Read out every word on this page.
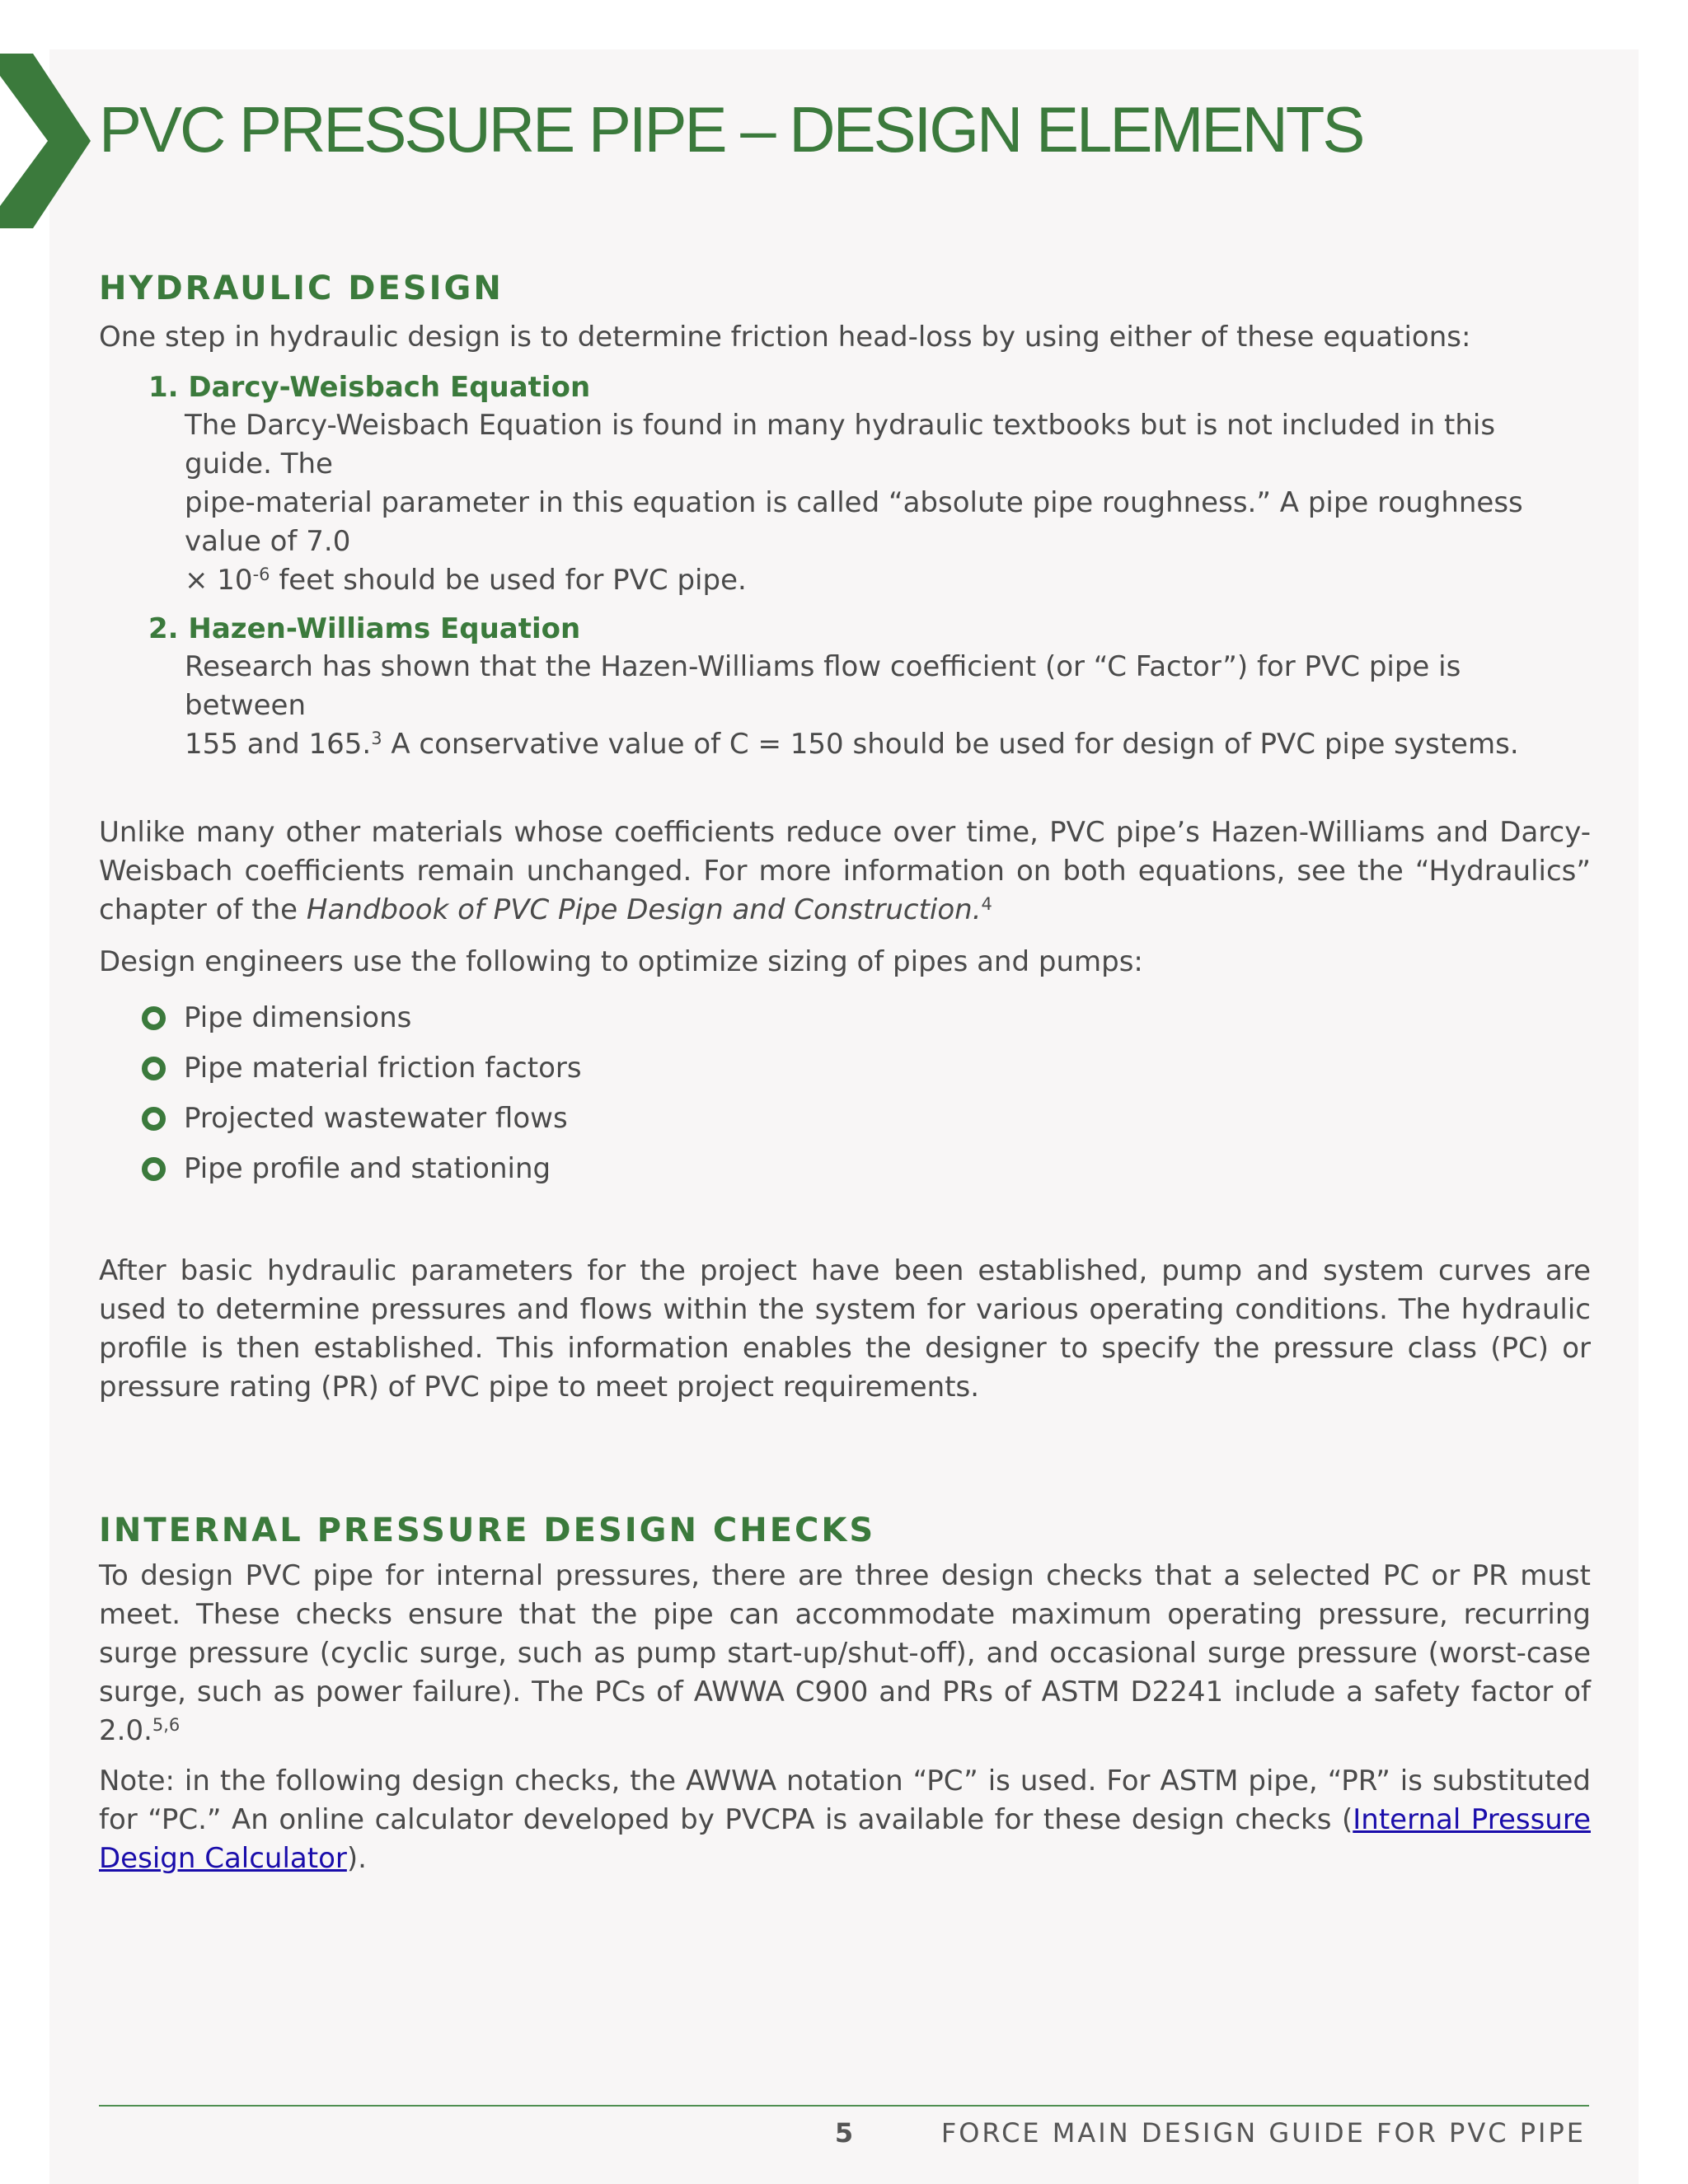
PVC PRESSURE PIPE – DESIGN ELEMENTS
HYDRAULIC DESIGN

One step in hydraulic design is to determine friction head-loss by using either of these equations:

1. Darcy-Weisbach Equation
The Darcy-Weisbach Equation is found in many hydraulic textbooks but is not included in this guide. The
pipe-material parameter in this equation is called “absolute pipe roughness.” A pipe roughness value of 7.0
× $10^{-6}$ feet should be used for PVC pipe.
2. Hazen-Williams Equation
Research has shown that the Hazen-Williams flow coefficient (or “C Factor”) for PVC pipe is between
155 and 165.$^3$ A conservative value of C = 150 should be used for design of PVC pipe systems.

Unlike many other materials whose coefficients reduce over time, PVC pipe’s Hazen-Williams and Darcy-Weisbach coefficients remain unchanged. For more information on both equations, see the “Hydraulics” chapter of the Handbook of PVC Pipe Design and Construction.$^4$

Design engineers use the following to optimize sizing of pipes and pumps:

Pipe dimensions
Pipe material friction factors
Projected wastewater flows
Pipe profile and stationing

After basic hydraulic parameters for the project have been established, pump and system curves are used to determine pressures and flows within the system for various operating conditions. The hydraulic profile is then established. This information enables the designer to specify the pressure class (PC) or pressure rating (PR) of PVC pipe to meet project requirements.

INTERNAL PRESSURE DESIGN CHECKS

To design PVC pipe for internal pressures, there are three design checks that a selected PC or PR must meet. These checks ensure that the pipe can accommodate maximum operating pressure, recurring surge pressure (cyclic surge, such as pump start-up/shut-off), and occasional surge pressure (worst-case surge, such as power failure). The PCs of AWWA C900 and PRs of ASTM D2241 include a safety factor of 2.0.$^{5,6}$

Note: in the following design checks, the AWWA notation “PC” is used. For ASTM pipe, “PR” is substituted for “PC.” An online calculator developed by PVCPA is available for these design checks (Internal Pressure Design Calculator).

5	FORCE MAIN DESIGN GUIDE FOR PVC PIPE
